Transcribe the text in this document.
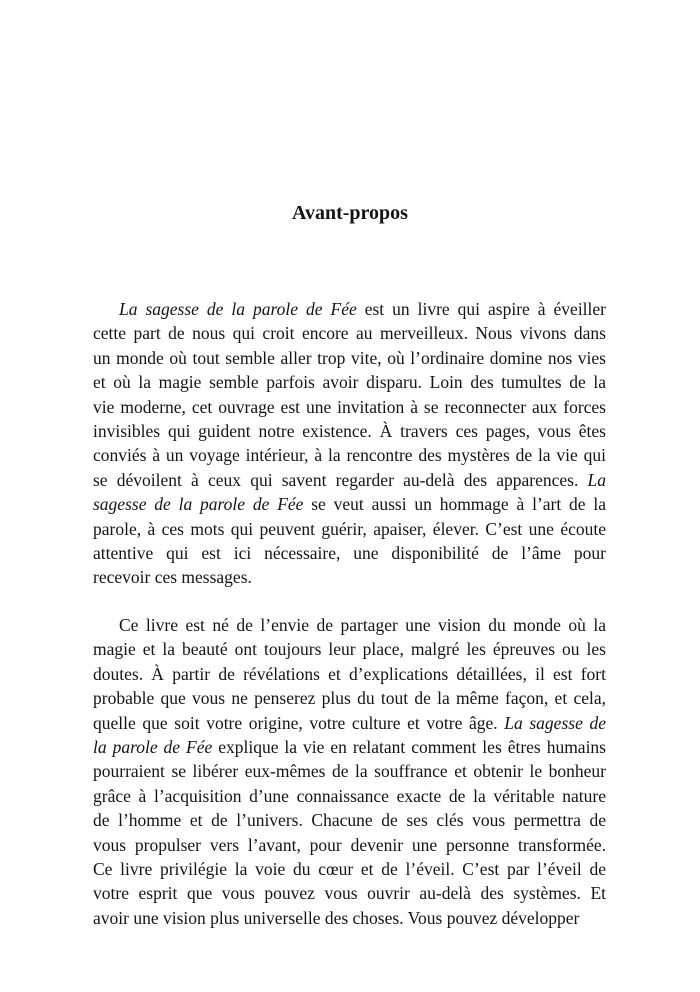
Avant-propos
La sagesse de la parole de Fée est un livre qui aspire à éveiller
cette part de nous qui croit encore au merveilleux. Nous vivons dans
un monde où tout semble aller trop vite, où l’ordinaire domine nos vies
et où la magie semble parfois avoir disparu. Loin des tumultes de la
vie moderne, cet ouvrage est une invitation à se reconnecter aux forces
invisibles qui guident notre existence. À travers ces pages, vous êtes
conviés à un voyage intérieur, à la rencontre des mystères de la vie qui
se dévoilent à ceux qui savent regarder au-delà des apparences. La
sagesse de la parole de Fée se veut aussi un hommage à l’art de la
parole, à ces mots qui peuvent guérir, apaiser, élever. C’est une écoute
attentive qui est ici nécessaire, une disponibilité de l’âme pour
recevoir ces messages.
Ce livre est né de l’envie de partager une vision du monde où la
magie et la beauté ont toujours leur place, malgré les épreuves ou les
doutes. À partir de révélations et d’explications détaillées, il est fort
probable que vous ne penserez plus du tout de la même façon, et cela,
quelle que soit votre origine, votre culture et votre âge. La sagesse de
la parole de Fée explique la vie en relatant comment les êtres humains
pourraient se libérer eux-mêmes de la souffrance et obtenir le bonheur
grâce à l’acquisition d’une connaissance exacte de la véritable nature
de l’homme et de l’univers. Chacune de ses clés vous permettra de
vous propulser vers l’avant, pour devenir une personne transformée.
Ce livre privilégie la voie du cœur et de l’éveil. C’est par l’éveil de
votre esprit que vous pouvez vous ouvrir au-delà des systèmes. Et
avoir une vision plus universelle des choses. Vous pouvez développer
